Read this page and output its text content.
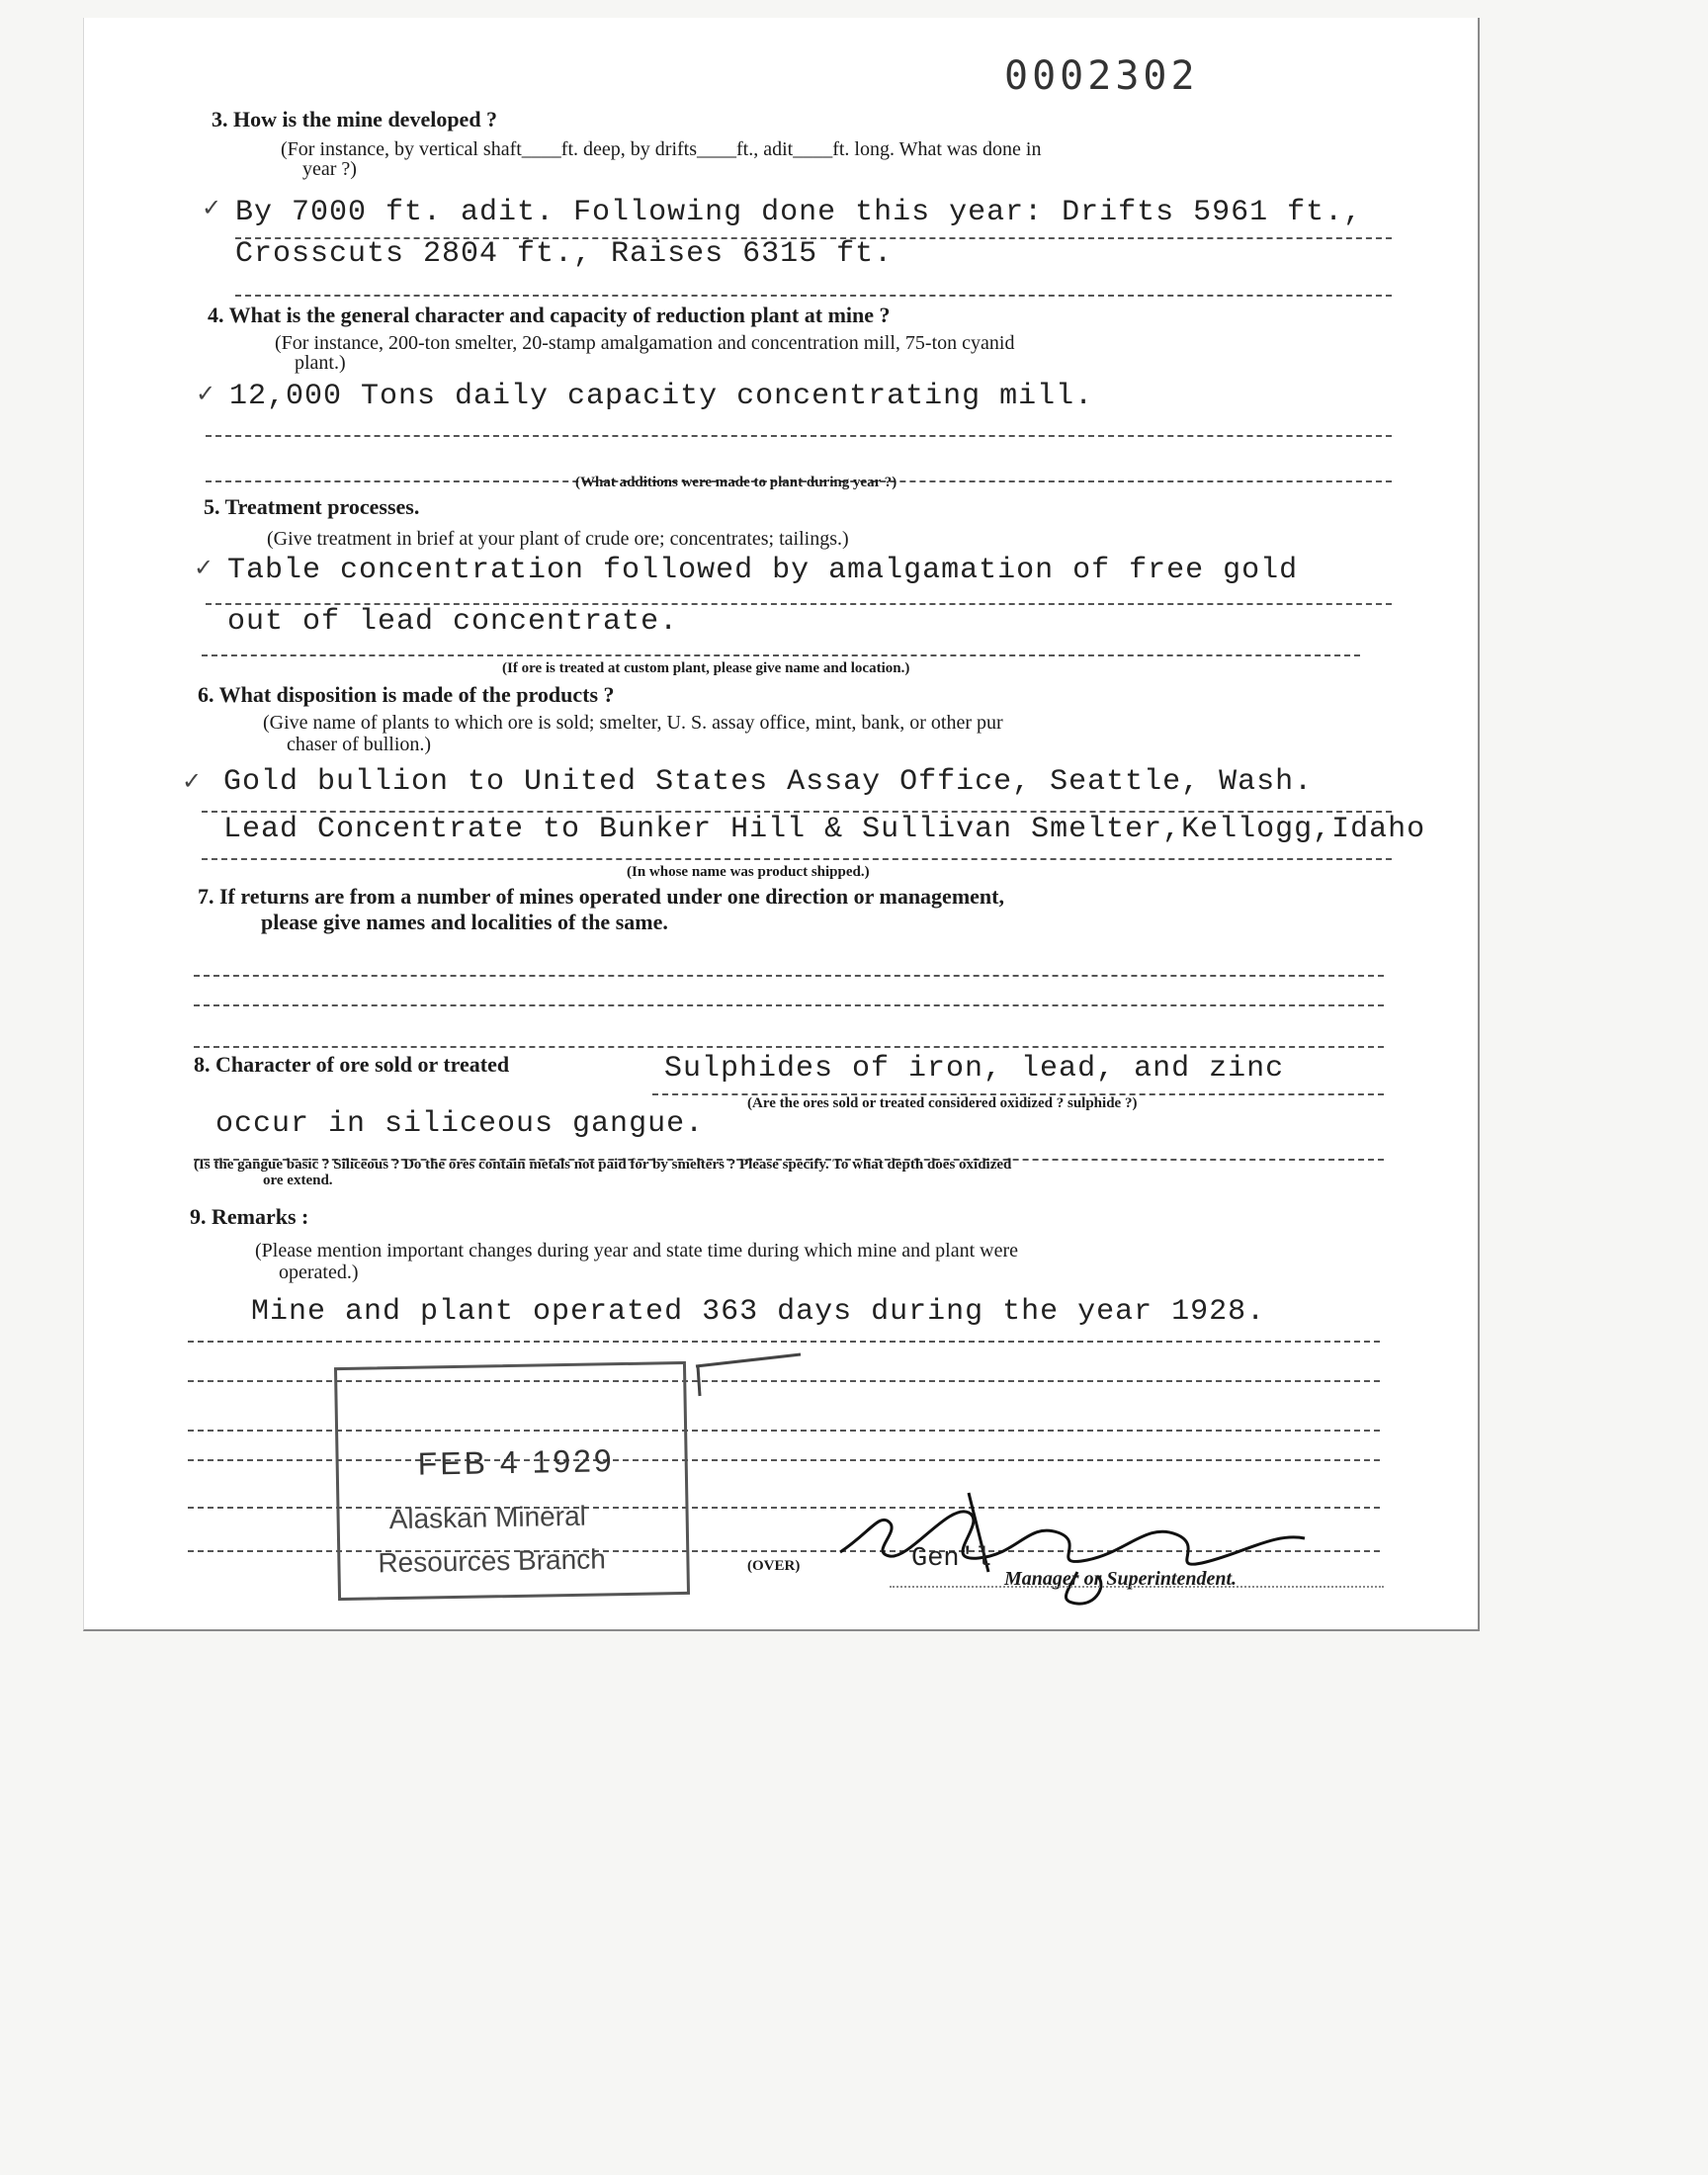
0002302
3. How is the mine developed ?
(For instance, by vertical shaft____ft. deep, by drifts____ft., adit____ft. long. What was done in
year ?)
✓ By 7000 ft. adit. Following done this year: Drifts 5961 ft.,
Crosscuts 2804 ft., Raises 6315 ft.
4. What is the general character and capacity of reduction plant at mine ?
(For instance, 200-ton smelter, 20-stamp amalgamation and concentration mill, 75-ton cyanid
plant.)
✓ 12,000 Tons daily capacity concentrating mill.
(What additions were made to plant during year ?)
5. Treatment processes.
(Give treatment in brief at your plant of crude ore; concentrates; tailings.)
✓ Table concentration followed by amalgamation of free gold
out of lead concentrate.
(If ore is treated at custom plant, please give name and location.)
6. What disposition is made of the products ?
(Give name of plants to which ore is sold; smelter, U. S. assay office, mint, bank, or other pur
chaser of bullion.)
✓ Gold bullion to United States Assay Office, Seattle, Wash.
Lead Concentrate to Bunker Hill & Sullivan Smelter,Kellogg,Idaho
(In whose name was product shipped.)
7. If returns are from a number of mines operated under one direction or management,
please give names and localities of the same.
8. Character of ore sold or treated	Sulphides of iron, lead, and zinc
(Are the ores sold or treated considered oxidized ? sulphide ?)
occur in siliceous gangue.
(Is the gangue basic ? Siliceous ? Do the ores contain metals not paid for by smelters ? Please specify. To what depth does oxidized
ore extend.
9. Remarks :
(Please mention important changes during year and state time during which mine and plant were
operated.)
Mine and plant operated 363 days during the year 1928.
FEB 4 1929
Alaskan Mineral
Resources Branch	(OVER)	Gen'l
Manager or Superintendent.
